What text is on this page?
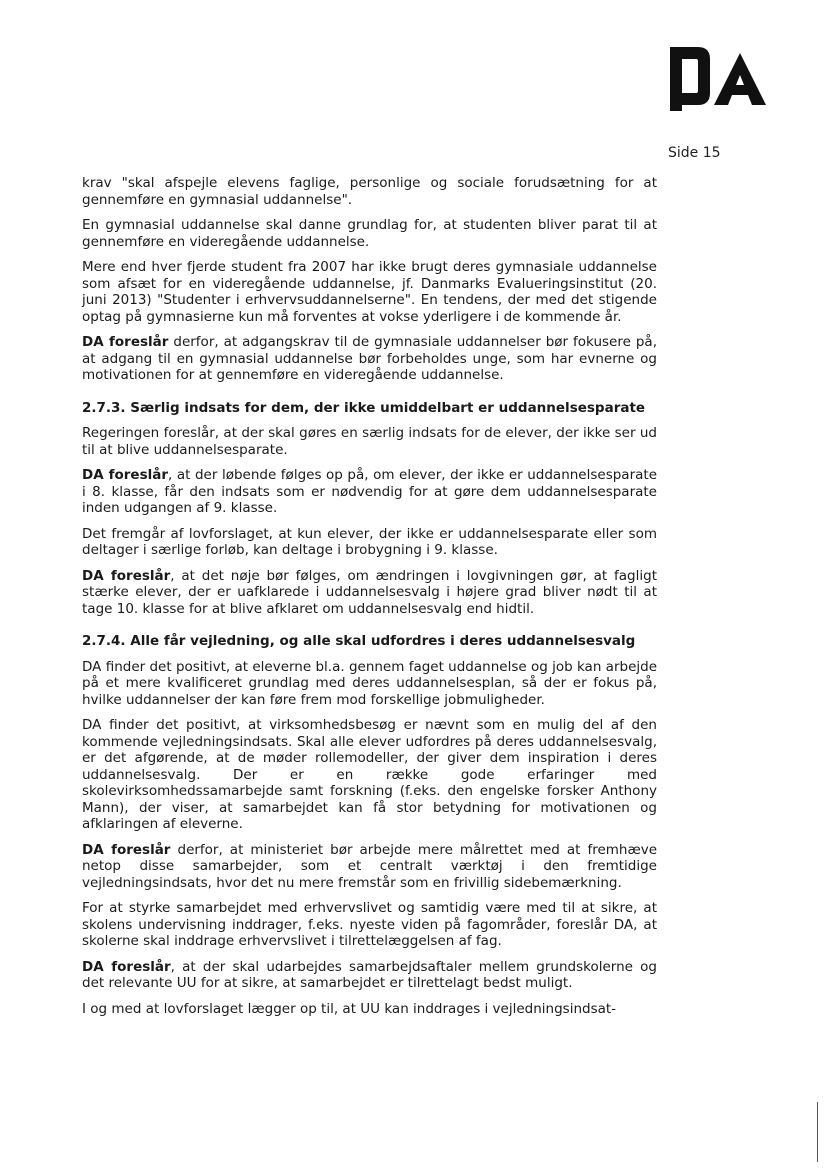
Side 15

krav "skal afspejle elevens faglige, personlige og sociale forudsætning for at gennemføre en gymnasial uddannelse".

En gymnasial uddannelse skal danne grundlag for, at studenten bliver parat til at gennemføre en videregående uddannelse.

Mere end hver fjerde student fra 2007 har ikke brugt deres gymnasiale uddannelse som afsæt for en videregående uddannelse, jf. Danmarks Evalueringsinstitut (20. juni 2013) "Studenter i erhvervsuddannelserne". En tendens, der med det stigende optag på gymnasierne kun må forventes at vokse yderligere i de kommende år.

DA foreslår derfor, at adgangskrav til de gymnasiale uddannelser bør fokusere på, at adgang til en gymnasial uddannelse bør forbeholdes unge, som har evnerne og motivationen for at gennemføre en videregående uddannelse.

2.7.3. Særlig indsats for dem, der ikke umiddelbart er uddannelsesparate

Regeringen foreslår, at der skal gøres en særlig indsats for de elever, der ikke ser ud til at blive uddannelsesparate.

DA foreslår, at der løbende følges op på, om elever, der ikke er uddannelsesparate i 8. klasse, får den indsats som er nødvendig for at gøre dem uddannelsesparate inden udgangen af 9. klasse.

Det fremgår af lovforslaget, at kun elever, der ikke er uddannelsesparate eller som deltager i særlige forløb, kan deltage i brobygning i 9. klasse.

DA foreslår, at det nøje bør følges, om ændringen i lovgivningen gør, at fagligt stærke elever, der er uafklarede i uddannelsesvalg i højere grad bliver nødt til at tage 10. klasse for at blive afklaret om uddannelsesvalg end hidtil.

2.7.4. Alle får vejledning, og alle skal udfordres i deres uddannelsesvalg

DA finder det positivt, at eleverne bl.a. gennem faget uddannelse og job kan arbejde på et mere kvalificeret grundlag med deres uddannelsesplan, så der er fokus på, hvilke uddannelser der kan føre frem mod forskellige jobmuligheder.

DA finder det positivt, at virksomhedsbesøg er nævnt som en mulig del af den kommende vejledningsindsats. Skal alle elever udfordres på deres uddannelsesvalg, er det afgørende, at de møder rollemodeller, der giver dem inspiration i deres uddannelsesvalg. Der er en række gode erfaringer med skolevirksomhedssamarbejde samt forskning (f.eks. den engelske forsker Anthony Mann), der viser, at samarbejdet kan få stor betydning for motivationen og afklaringen af eleverne.

DA foreslår derfor, at ministeriet bør arbejde mere målrettet med at fremhæve netop disse samarbejder, som et centralt værktøj i den fremtidige vejledningsindsats, hvor det nu mere fremstår som en frivillig sidebemærkning.

For at styrke samarbejdet med erhvervslivet og samtidig være med til at sikre, at skolens undervisning inddrager, f.eks. nyeste viden på fagområder, foreslår DA, at skolerne skal inddrage erhvervslivet i tilrettelæggelsen af fag.

DA foreslår, at der skal udarbejdes samarbejdsaftaler mellem grundskolerne og det relevante UU for at sikre, at samarbejdet er tilrettelagt bedst muligt.

I og med at lovforslaget lægger op til, at UU kan inddrages i vejledningsindsat-
